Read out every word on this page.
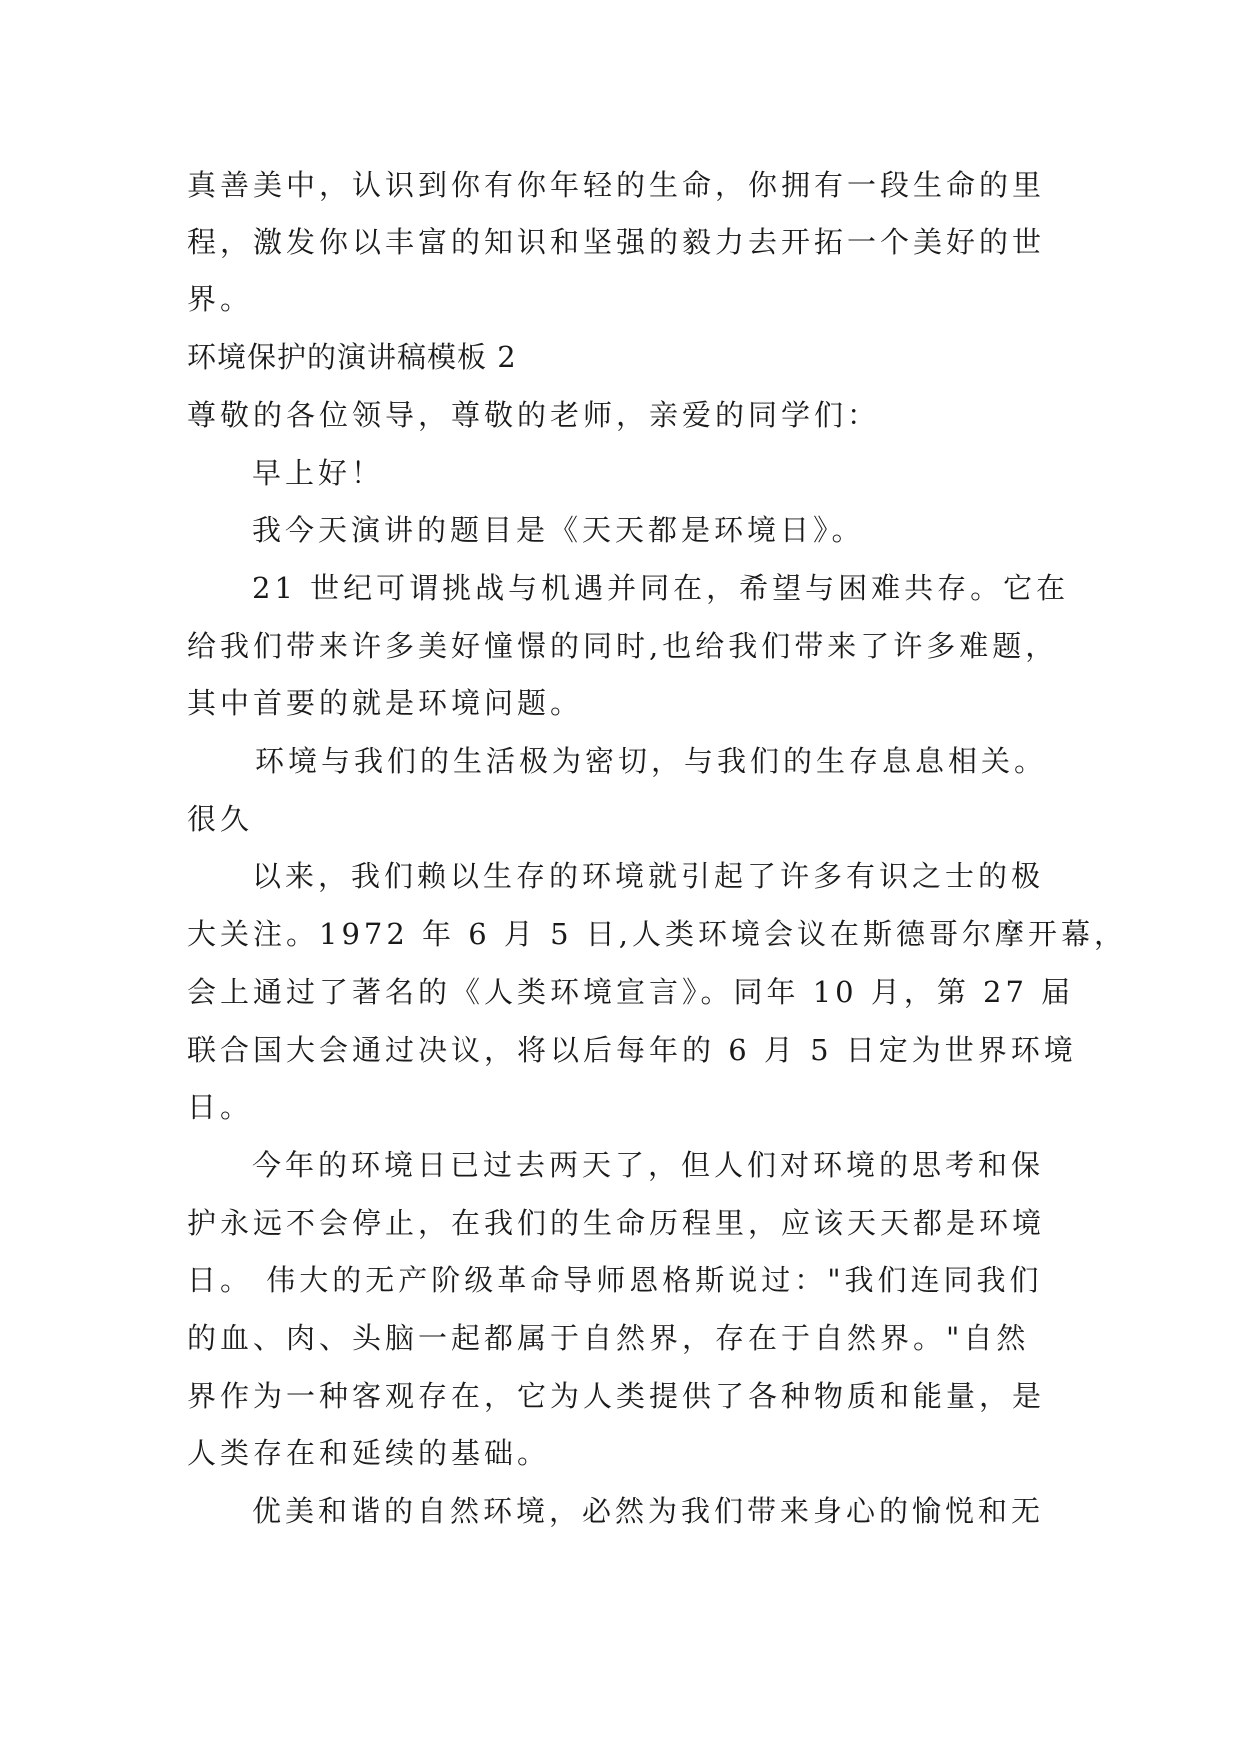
真善美中，认识到你有你年轻的生命，你拥有一段生命的里
程，激发你以丰富的知识和坚强的毅力去开拓一个美好的世
界。
环境保护的演讲稿模板 2
尊敬的各位领导，尊敬的老师，亲爱的同学们：
早上好！
我今天演讲的题目是《天天都是环境日》。
21 世纪可谓挑战与机遇并同在，希望与困难共存。它在
给我们带来许多美好憧憬的同时,也给我们带来了许多难题，
其中首要的就是环境问题。
环境与我们的生活极为密切，与我们的生存息息相关。
很久
以来，我们赖以生存的环境就引起了许多有识之士的极
大关注。1972 年 6 月 5 日,人类环境会议在斯德哥尔摩开幕，
会上通过了著名的《人类环境宣言》。同年 10 月，第 27 届
联合国大会通过决议，将以后每年的 6 月 5 日定为世界环境
日。
今年的环境日已过去两天了，但人们对环境的思考和保
护永远不会停止，在我们的生命历程里，应该天天都是环境
日。 伟大的无产阶级革命导师恩格斯说过："我们连同我们
的血、肉、头脑一起都属于自然界，存在于自然界。"自然
界作为一种客观存在，它为人类提供了各种物质和能量，是
人类存在和延续的基础。
优美和谐的自然环境，必然为我们带来身心的愉悦和无
